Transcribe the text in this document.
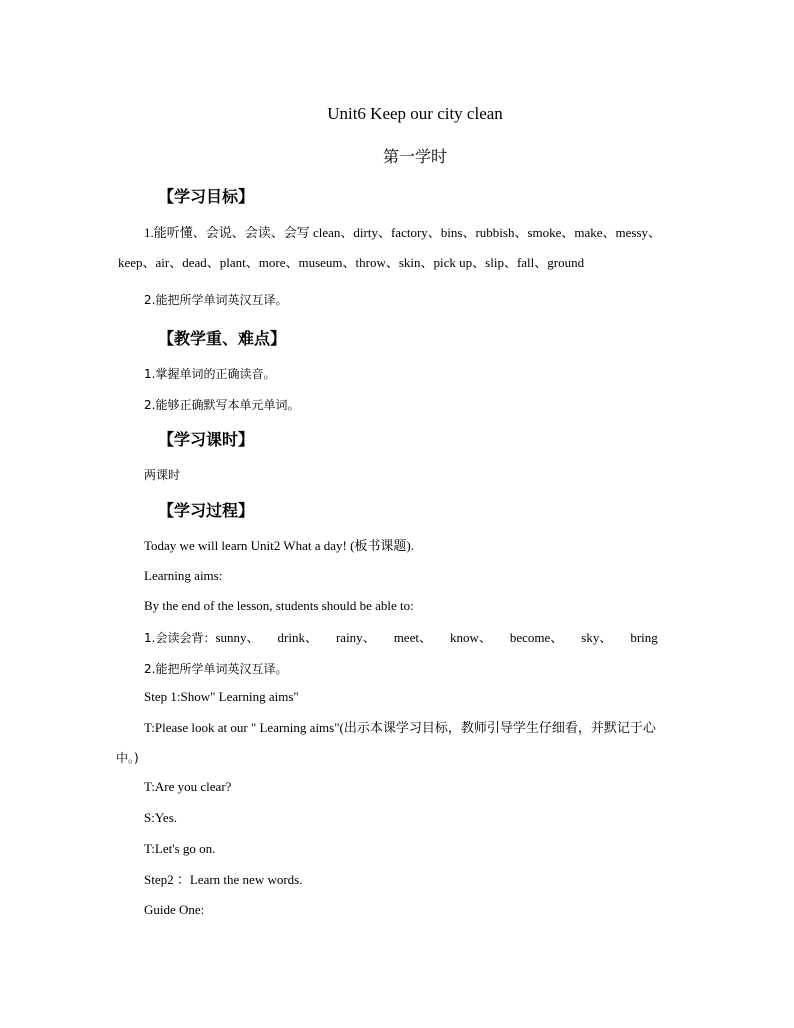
Unit6 Keep our city clean
第一学时
【学习目标】
1.能听懂、会说、会读、会写 clean、dirty、factory、bins、rubbish、smoke、make、messy、
keep、air、dead、plant、more、museum、throw、skin、pick up、slip、fall、ground
2.能把所学单词英汉互译。
【教学重、难点】
1.掌握单词的正确读音。
2.能够正确默写本单元单词。
【学习课时】
两课时
【学习过程】
Today we will learn Unit2 What a day! (板书课题).
Learning aims:
By the end of the lesson, students should be able to:
1.会读会背：sunny、 drink、 rainy、 meet、 know、 become、 sky、 bring
2.能把所学单词英汉互译。
Step 1:Show" Learning aims"
T:Please look at our " Learning aims"(出示本课学习目标，教师引导学生仔细看，并默记于心
中。)
T:Are you clear?
S:Yes.
T:Let's go on.
Step2 ：Learn the new words.
Guide One:
